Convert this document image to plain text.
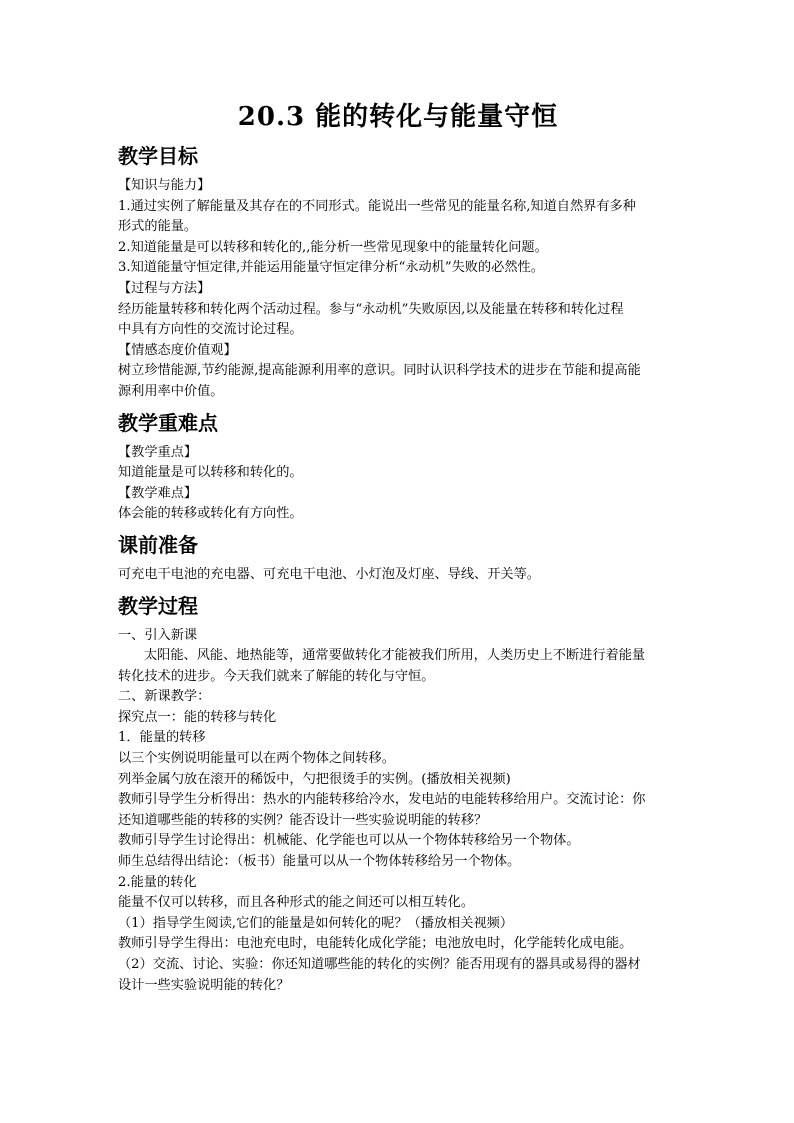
20.3 能的转化与能量守恒
教学目标

【知识与能力】

1.通过实例了解能量及其存在的不同形式。能说出一些常见的能量名称,知道自然界有多种

形式的能量。

2.知道能量是可以转移和转化的,,能分析一些常见现象中的能量转化问题。

3.知道能量守恒定律,并能运用能量守恒定律分析“永动机”失败的必然性。

【过程与方法】

经历能量转移和转化两个活动过程。参与“永动机”失败原因,以及能量在转移和转化过程

中具有方向性的交流讨论过程。

【情感态度价值观】

树立珍惜能源,节约能源,提高能源利用率的意识。同时认识科学技术的进步在节能和提高能

源利用率中价值。

教学重难点

【教学重点】

知道能量是可以转移和转化的。

【教学难点】

体会能的转移或转化有方向性。

课前准备

可充电干电池的充电器、可充电干电池、小灯泡及灯座、导线、开关等。

教学过程

一、引入新课

太阳能、风能、地热能等，通常要做转化才能被我们所用，人类历史上不断进行着能量

转化技术的进步。今天我们就来了解能的转化与守恒。

二、新课教学：

探究点一：能的转移与转化

1．能量的转移

以三个实例说明能量可以在两个物体之间转移。

列举金属勺放在滚开的稀饭中，勺把很烫手的实例。(播放相关视频)

教师引导学生分析得出：热水的内能转移给冷水，发电站的电能转移给用户。交流讨论：你

还知道哪些能的转移的实例？能否设计一些实验说明能的转移？

教师引导学生讨论得出：机械能、化学能也可以从一个物体转移给另一个物体。

师生总结得出结论：（板书）能量可以从一个物体转移给另一个物体。

2.能量的转化

能量不仅可以转移，而且各种形式的能之间还可以相互转化。

（1）指导学生阅读,它们的能量是如何转化的呢？（播放相关视频）

教师引导学生得出：电池充电时，电能转化成化学能；电池放电时，化学能转化成电能。

（2）交流、讨论、实验：你还知道哪些能的转化的实例？能否用现有的器具或易得的器材

设计一些实验说明能的转化？
